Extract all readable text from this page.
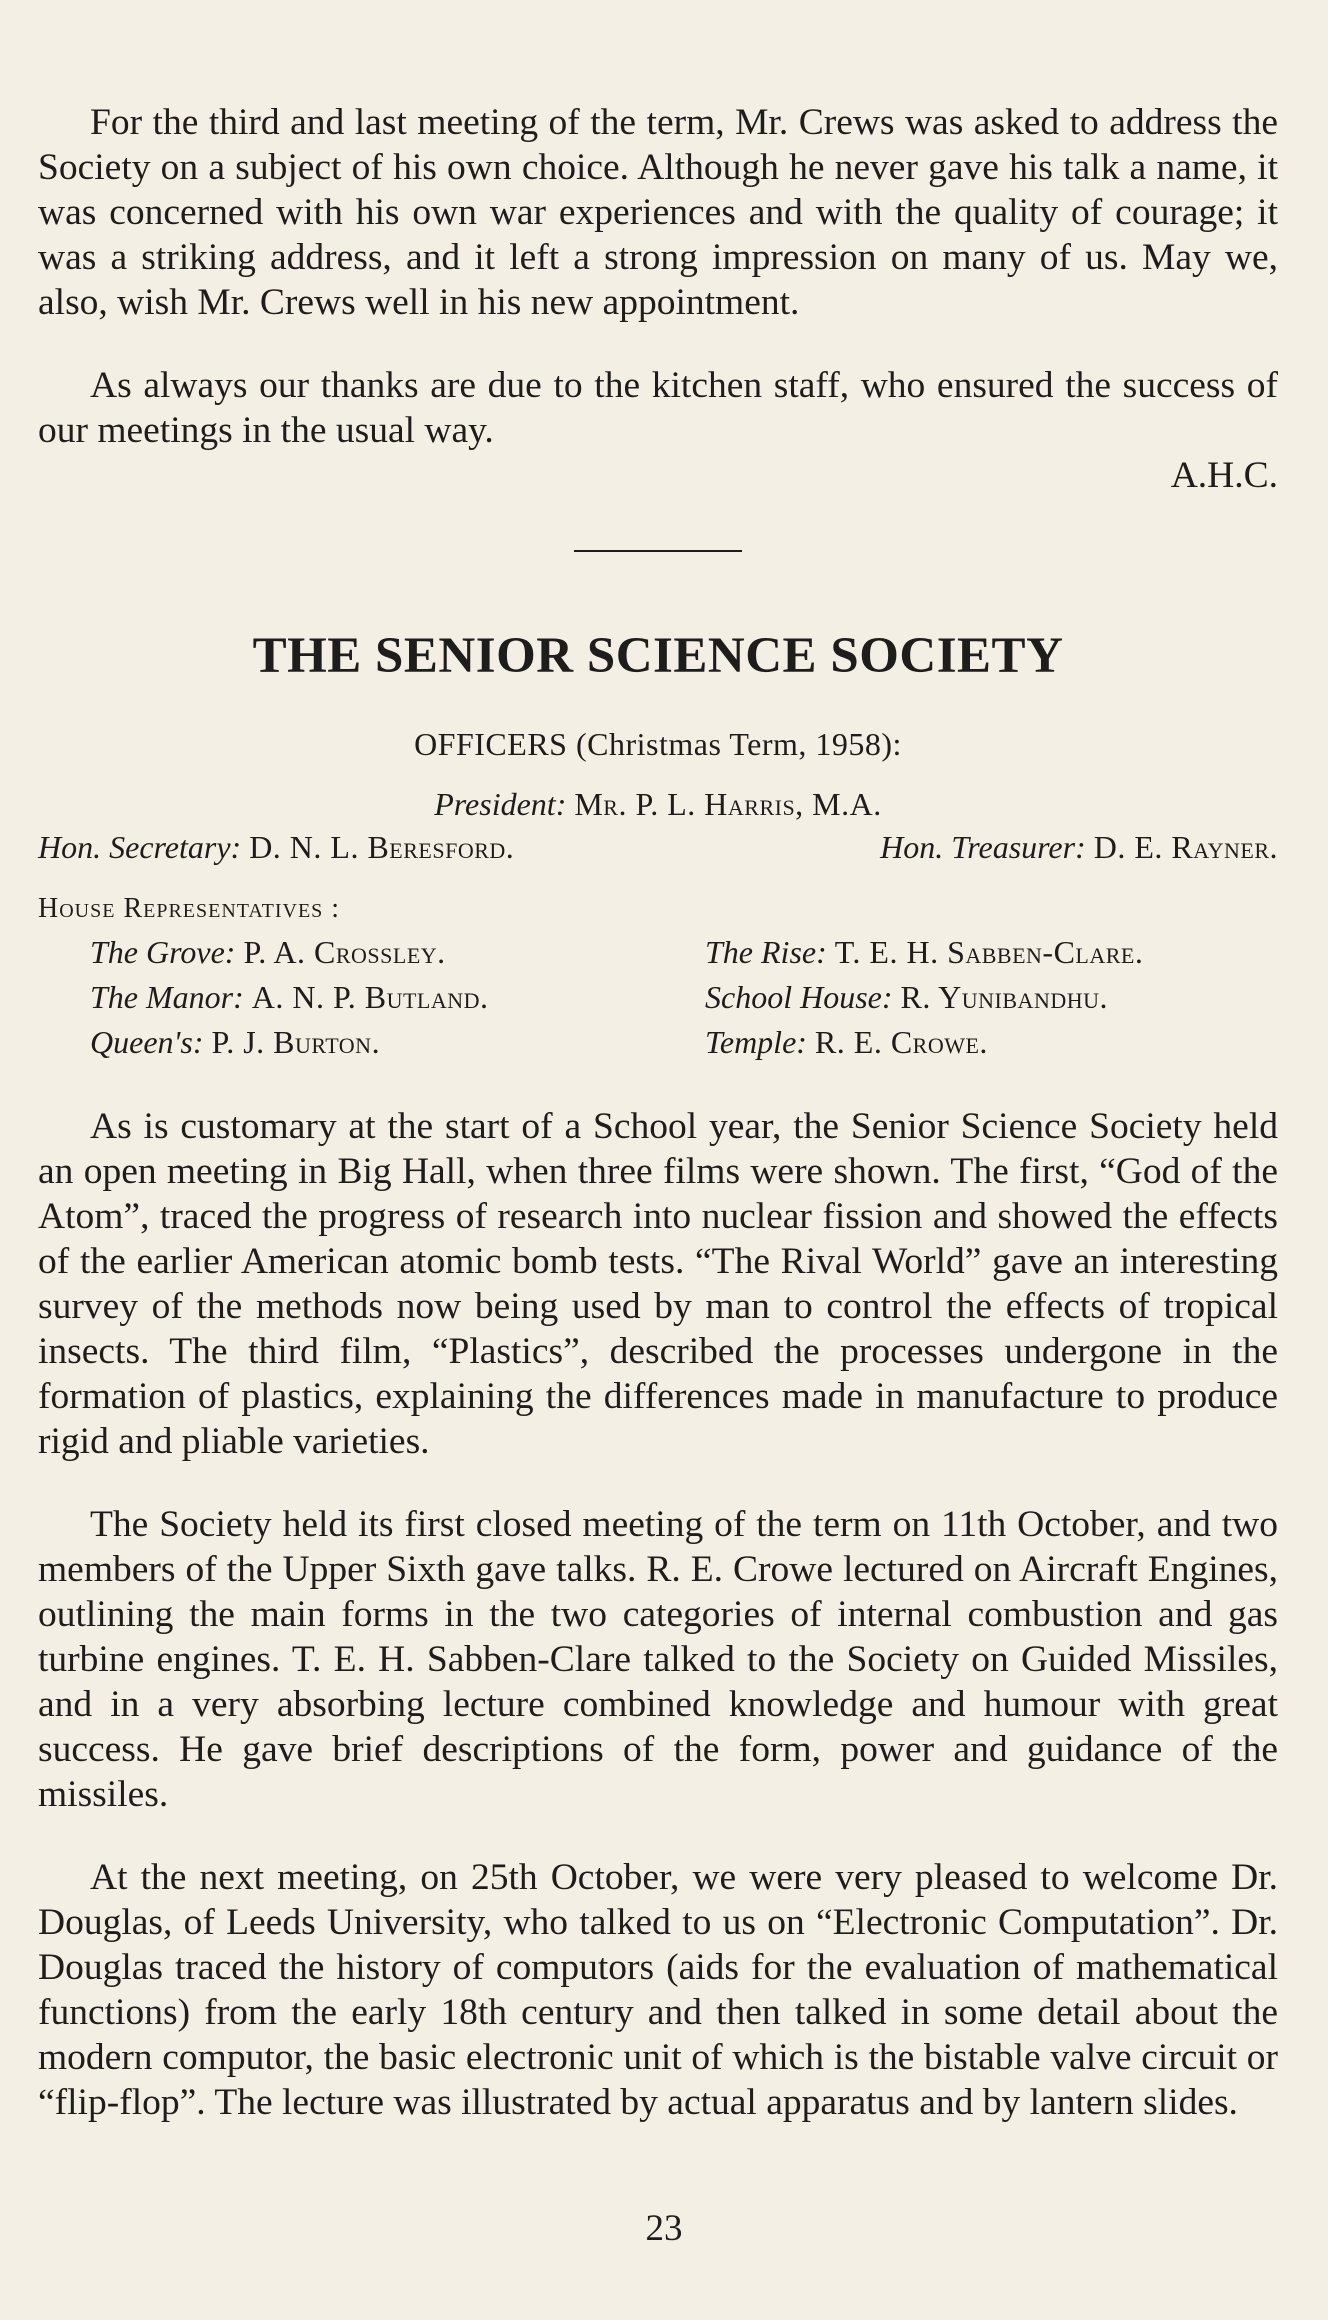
For the third and last meeting of the term, Mr. Crews was asked to address the Society on a subject of his own choice. Although he never gave his talk a name, it was concerned with his own war experiences and with the quality of courage; it was a striking address, and it left a strong impression on many of us. May we, also, wish Mr. Crews well in his new appointment.

As always our thanks are due to the kitchen staff, who ensured the success of our meetings in the usual way.

A.H.C.
THE SENIOR SCIENCE SOCIETY
OFFICERS (Christmas Term, 1958):
President: Mr. P. L. Harris, M.A.
Hon. Secretary: D. N. L. Beresford.	Hon. Treasurer: D. E. Rayner.
House Representatives :
The Grove: P. A. Crossley.	The Rise: T. E. H. Sabben-Clare.
The Manor: A. N. P. Butland.	School House: R. Yunibandhu.
Queen's: P. J. Burton.	Temple: R. E. Crowe.

As is customary at the start of a School year, the Senior Science Society held an open meeting in Big Hall, when three films were shown. The first, “God of the Atom”, traced the progress of research into nuclear fission and showed the effects of the earlier American atomic bomb tests. “The Rival World” gave an interesting survey of the methods now being used by man to control the effects of tropical insects. The third film, “Plastics”, described the processes undergone in the formation of plastics, explaining the differences made in manufacture to produce rigid and pliable varieties.

The Society held its first closed meeting of the term on 11th October, and two members of the Upper Sixth gave talks. R. E. Crowe lectured on Aircraft Engines, outlining the main forms in the two categories of internal combustion and gas turbine engines. T. E. H. Sabben-Clare talked to the Society on Guided Missiles, and in a very absorbing lecture combined knowledge and humour with great success. He gave brief descriptions of the form, power and guidance of the missiles.

At the next meeting, on 25th October, we were very pleased to welcome Dr. Douglas, of Leeds University, who talked to us on “Electronic Computation”. Dr. Douglas traced the history of computors (aids for the evaluation of mathematical functions) from the early 18th century and then talked in some detail about the modern computor, the basic electronic unit of which is the bistable valve circuit or “flip-flop”. The lecture was illustrated by actual apparatus and by lantern slides.

23
